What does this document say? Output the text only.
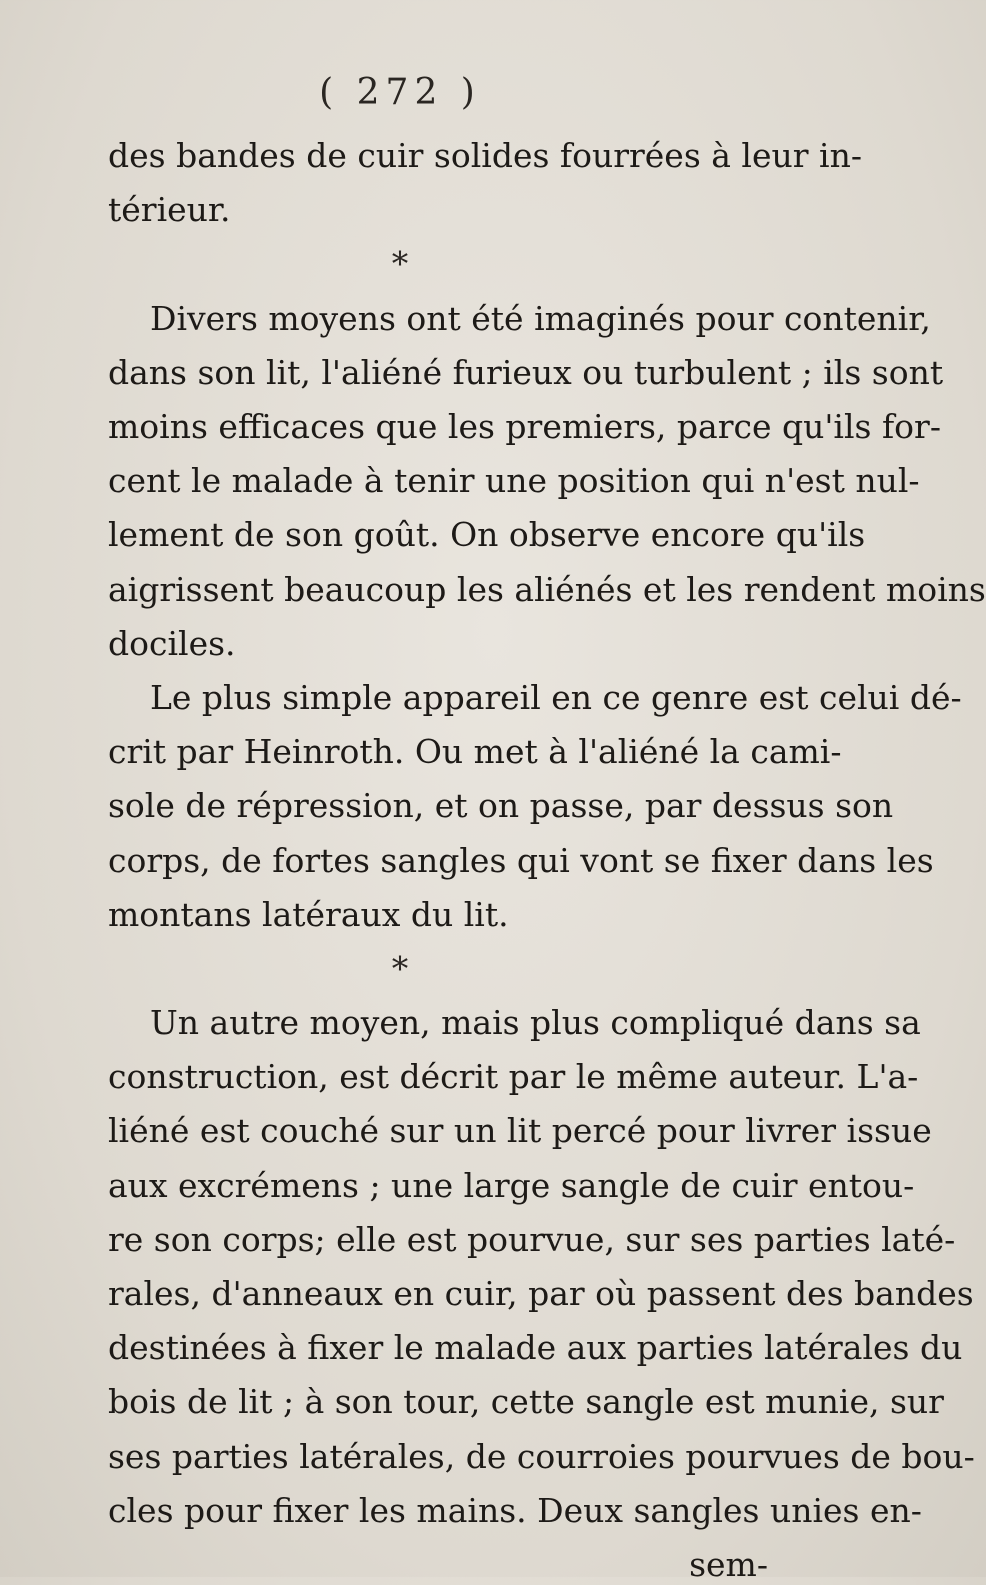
( 272 )
des bandes de cuir solides fourrées à leur in-
térieur.
*
Divers moyens ont été imaginés pour contenir,
dans son lit, l'aliéné furieux ou turbulent ; ils sont
moins efficaces que les premiers, parce qu'ils for-
cent le malade à tenir une position qui n'est nul-
lement de son goût. On observe encore qu'ils
aigrissent beaucoup les aliénés et les rendent moins
dociles.
Le plus simple appareil en ce genre est celui dé-
crit par Heinroth. Ou met à l'aliéné la cami-
sole de répression, et on passe, par dessus son
corps, de fortes sangles qui vont se fixer dans les
montans latéraux du lit.
*
Un autre moyen, mais plus compliqué dans sa
construction, est décrit par le même auteur. L'a-
liéné est couché sur un lit percé pour livrer issue
aux excrémens ; une large sangle de cuir entou-
re son corps; elle est pourvue, sur ses parties laté-
rales, d'anneaux en cuir, par où passent des bandes
destinées à fixer le malade aux parties latérales du
bois de lit ; à son tour, cette sangle est munie, sur
ses parties latérales, de courroies pourvues de bou-
cles pour fixer les mains. Deux sangles unies en-
sem-
